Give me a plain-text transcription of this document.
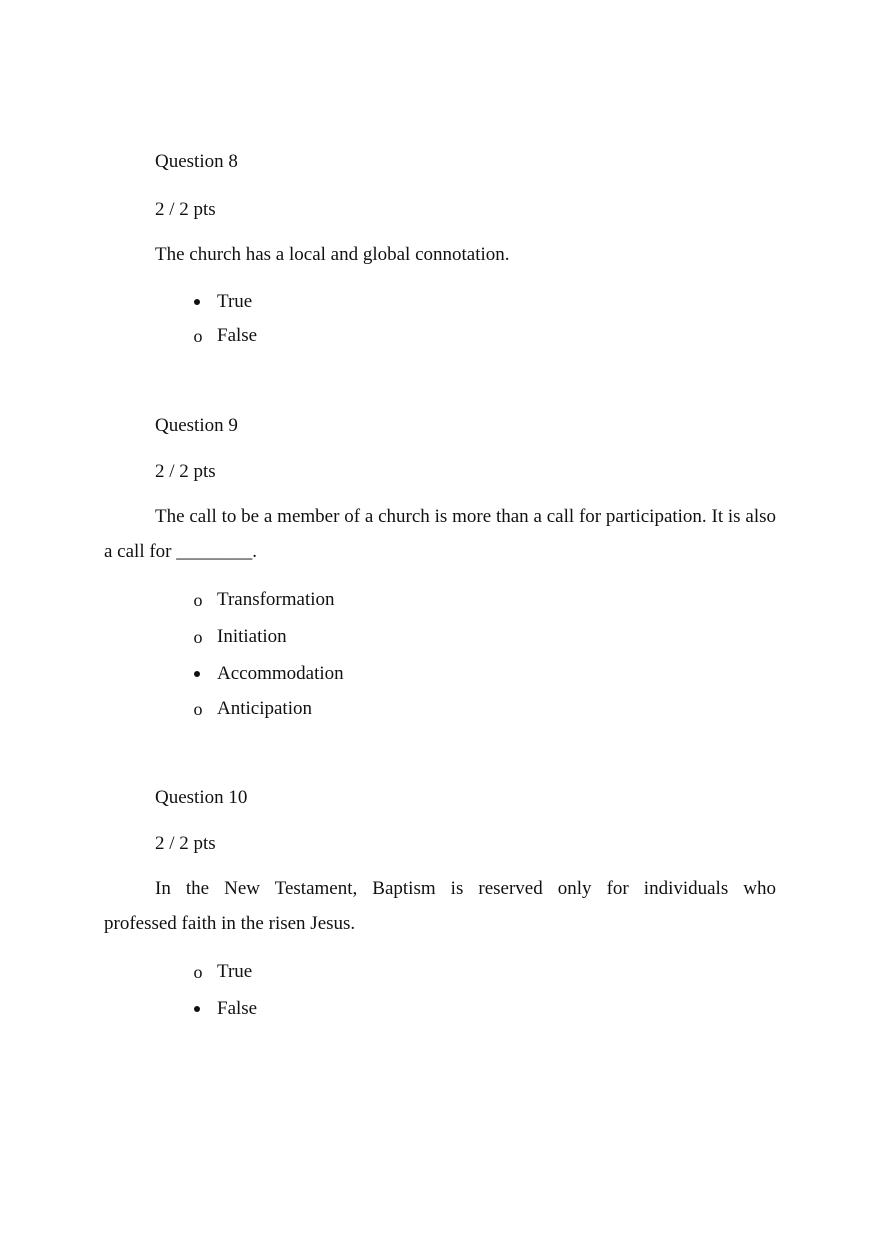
Question 8

2 / 2 pts

The church has a local and global connotation.

True
o
False

Question 9

2 / 2 pts

The call to be a member of a church is more than a call for participation. It is also a call for ________.

o
Transformation
o
Initiation
Accommodation
o
Anticipation

Question 10

2 / 2 pts

In the New Testament, Baptism is reserved only for individuals who

professed faith in the risen Jesus.

o
True
False
